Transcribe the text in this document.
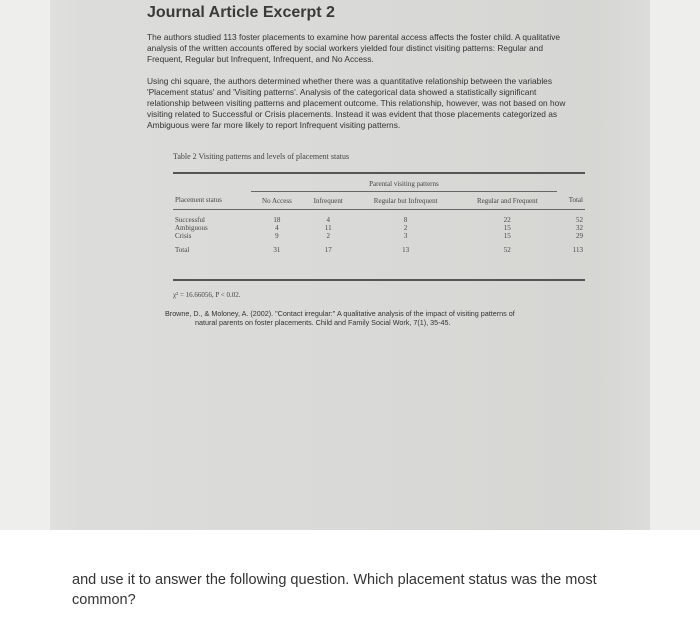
Journal Article Excerpt 2
The authors studied 113 foster placements to examine how parental access affects the foster child. A qualitative analysis of the written accounts offered by social workers yielded four distinct visiting patterns: Regular and Frequent, Regular but Infrequent, Infrequent, and No Access.
Using chi square, the authors determined whether there was a quantitative relationship between the variables 'Placement status' and 'Visiting patterns'. Analysis of the categorical data showed a statistically significant relationship between visiting patterns and placement outcome. This relationship, however, was not based on how visiting related to Successful or Crisis placements. Instead it was evident that those placements categorized as Ambiguous were far more likely to report Infrequent visiting patterns.
Table 2 Visiting patterns and levels of placement status
	Parental visiting patterns				
Placement status	No Access	Infrequent	Regular but Infrequent	Regular and Frequent	Total

Successful	18	4	8	22	52
Ambiguous	4	11	2	15	32
Crisis	9	2	3	15	29

Total	31	17	13	52	113
χ² = 16.66056, P < 0.02.
Browne, D., & Moloney, A. (2002). "Contact irregular:" A qualitative analysis of the impact of visiting patterns of
natural parents on foster placements. Child and Family Social Work, 7(1), 35-45.
and use it to answer the following question. Which placement status was the most common?
